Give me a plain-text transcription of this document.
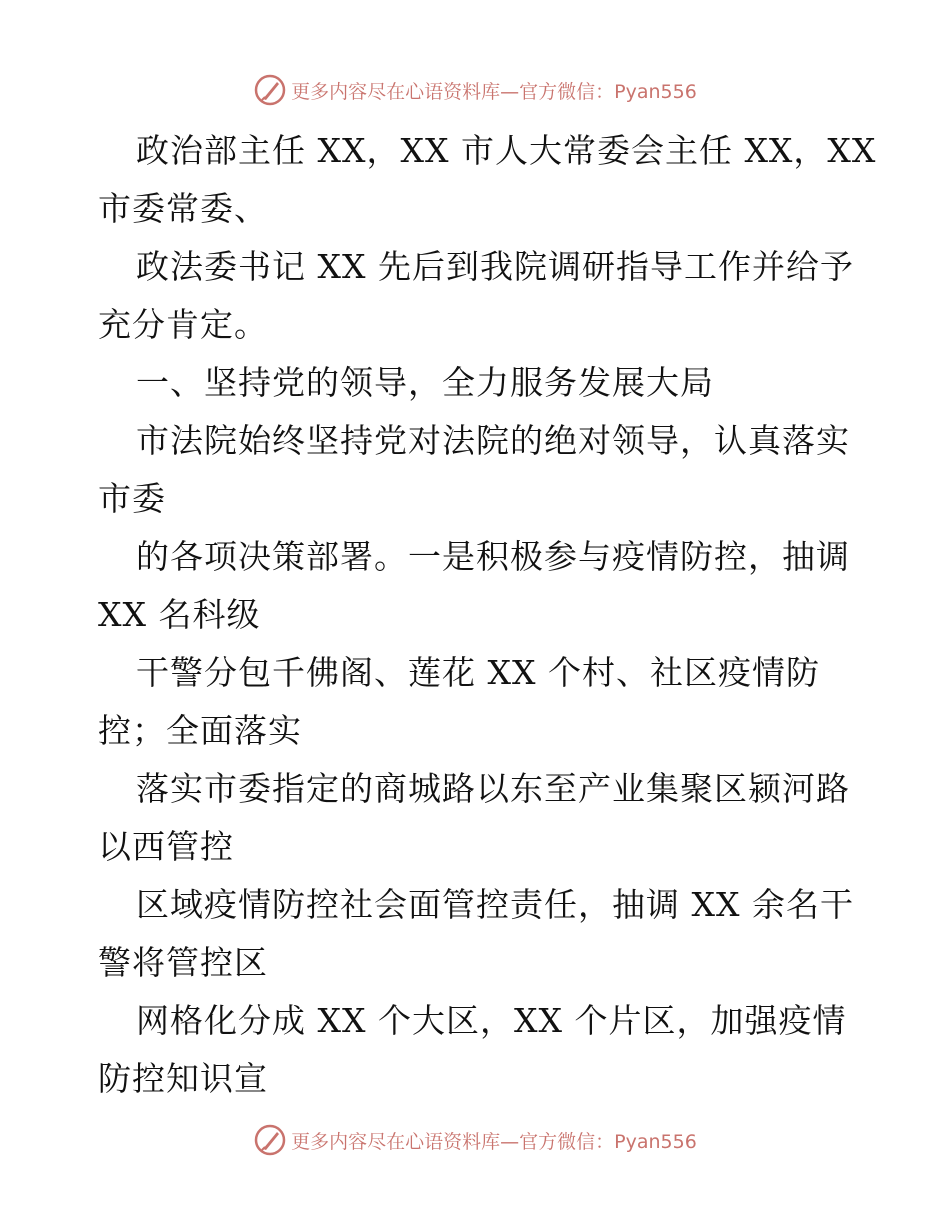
更多内容尽在心语资料库—官方微信：Pyan556
政治部主任 XX，XX 市人大常委会主任 XX，XX
市委常委、
政法委书记 XX 先后到我院调研指导工作并给予
充分肯定。
一、坚持党的领导，全力服务发展大局
市法院始终坚持党对法院的绝对领导，认真落实
市委
的各项决策部署。一是积极参与疫情防控，抽调
XX 名科级
干警分包千佛阁、莲花 XX 个村、社区疫情防
控；全面落实
落实市委指定的商城路以东至产业集聚区颍河路
以西管控
区域疫情防控社会面管控责任，抽调 XX 余名干
警将管控区
网格化分成 XX 个大区，XX 个片区，加强疫情
防控知识宣
更多内容尽在心语资料库—官方微信：Pyan556
